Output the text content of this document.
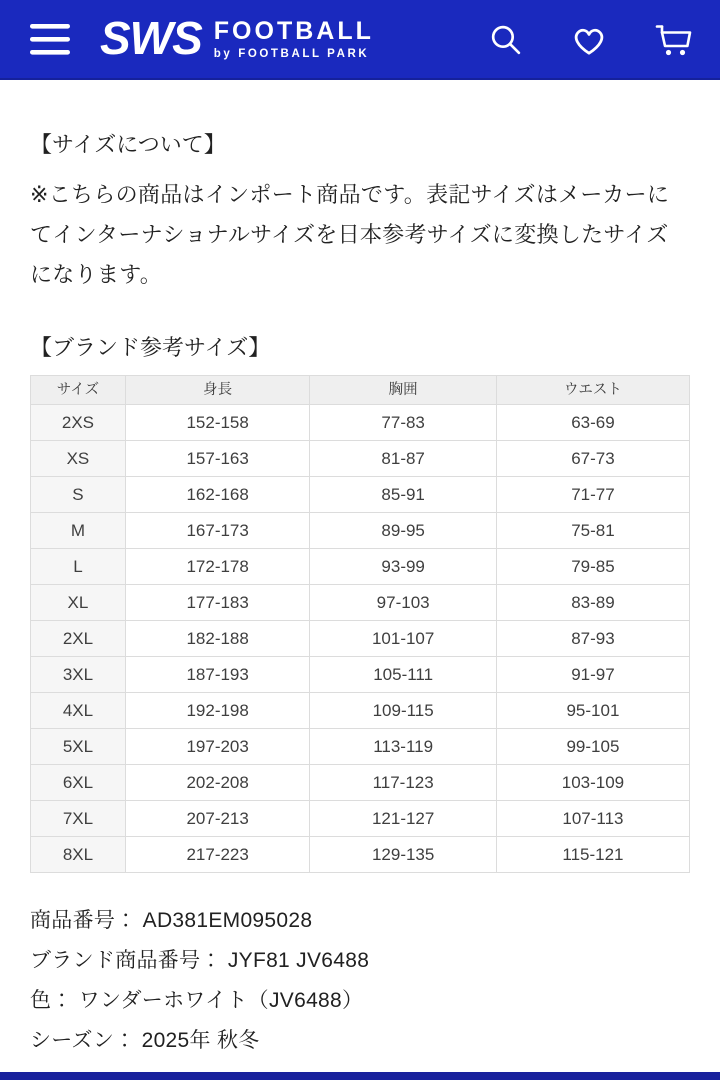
SWS FOOTBALL
by FOOTBALL PARK
【サイズについて】

※こちらの商品はインポート商品です。表記サイズはメーカーにてインターナショナルサイズを日本参考サイズに変換したサイズになります。

【ブランド参考サイズ】
サイズ	身長	胸囲	ウエスト
2XS	152-158	77-83	63-69
XS	157-163	81-87	67-73
S	162-168	85-91	71-77
M	167-173	89-95	75-81
L	172-178	93-99	79-85
XL	177-183	97-103	83-89
2XL	182-188	101-107	87-93
3XL	187-193	105-111	91-97
4XL	192-198	109-115	95-101
5XL	197-203	113-119	99-105
6XL	202-208	117-123	103-109
7XL	207-213	121-127	107-113
8XL	217-223	129-135	115-121
商品番号： AD381EM095028
ブランド商品番号： JYF81 JV6488
色： ワンダーホワイト（JV6488）
シーズン： 2025年 秋冬
